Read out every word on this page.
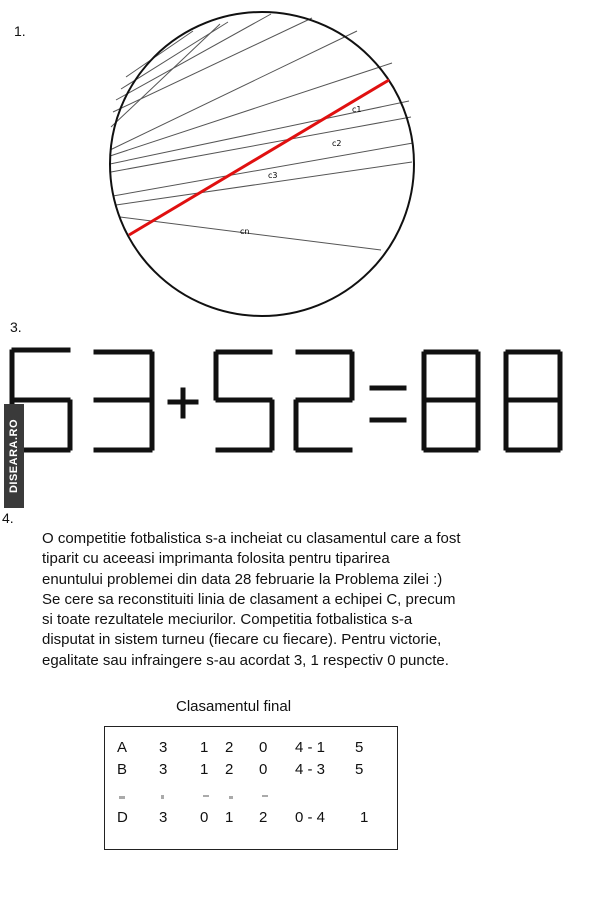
1.
c1
c2
c3
cn
3.
DISEARA.RO
4.
O competitie fotbalistica s-a incheiat cu clasamentul care a fost
tiparit cu aceeasi imprimanta folosita pentru tiparirea
enuntului problemei din data 28 februarie la Problema zilei :)
Se cere sa reconstituiti linia de clasament a echipei C, precum
si toate rezultatele meciurilor. Competitia fotbalistica s-a
disputat in sistem turneu (fiecare cu fiecare). Pentru victorie,
egalitate sau infraingere s-au acordat 3, 1 respectiv 0 puncte.
Clasamentul final
A 3 1 2 0 4 - 1 5
B 3 1 2 0 4 - 3 5
D 3 0 1 2 0 - 4 1
